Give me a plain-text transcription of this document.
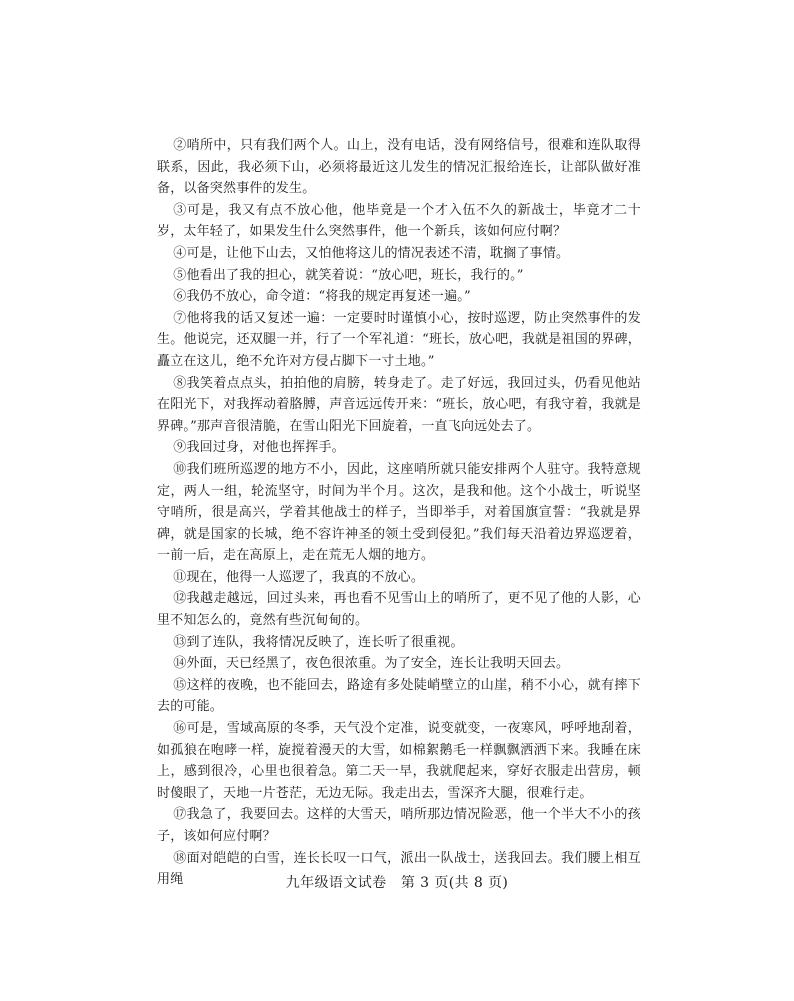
②哨所中，只有我们两个人。山上，没有电话，没有网络信号，很难和连队取得联系，因此，我必须下山，必须将最近这儿发生的情况汇报给连长，让部队做好准备，以备突然事件的发生。

③可是，我又有点不放心他，他毕竟是一个才入伍不久的新战士，毕竟才二十岁，太年轻了，如果发生什么突然事件，他一个新兵，该如何应付啊？

④可是，让他下山去，又怕他将这儿的情况表述不清，耽搁了事情。

⑤他看出了我的担心，就笑着说：“放心吧，班长，我行的。”

⑥我仍不放心，命令道：“将我的规定再复述一遍。”

⑦他将我的话又复述一遍：一定要时时谨慎小心，按时巡逻，防止突然事件的发生。他说完，还双腿一并，行了一个军礼道：“班长，放心吧，我就是祖国的界碑，矗立在这儿，绝不允许对方侵占脚下一寸土地。”

⑧我笑着点点头，拍拍他的肩膀，转身走了。走了好远，我回过头，仍看见他站在阳光下，对我挥动着胳膊，声音远远传开来：“班长，放心吧，有我守着，我就是界碑。”那声音很清脆，在雪山阳光下回旋着，一直飞向远处去了。

⑨我回过身，对他也挥挥手。

⑩我们班所巡逻的地方不小，因此，这座哨所就只能安排两个人驻守。我特意规定，两人一组，轮流坚守，时间为半个月。这次，是我和他。这个小战士，听说坚守哨所，很是高兴，学着其他战士的样子，当即举手，对着国旗宣誓：“我就是界碑，就是国家的长城，绝不容许神圣的领土受到侵犯。”我们每天沿着边界巡逻着，一前一后，走在高原上，走在荒无人烟的地方。

⑪现在，他得一人巡逻了，我真的不放心。

⑫我越走越远，回过头来，再也看不见雪山上的哨所了，更不见了他的人影，心里不知怎么的，竟然有些沉甸甸的。

⑬到了连队，我将情况反映了，连长听了很重视。

⑭外面，天已经黑了，夜色很浓重。为了安全，连长让我明天回去。

⑮这样的夜晚，也不能回去，路途有多处陡峭壁立的山崖，稍不小心，就有摔下去的可能。

⑯可是，雪域高原的冬季，天气没个定准，说变就变，一夜寒风，呼呼地刮着，如孤狼在咆哮一样，旋搅着漫天的大雪，如棉絮鹅毛一样飘飘洒洒下来。我睡在床上，感到很冷，心里也很着急。第二天一早，我就爬起来，穿好衣服走出营房，顿时傻眼了，天地一片苍茫，无边无际。我走出去，雪深齐大腿，很难行走。

⑰我急了，我要回去。这样的大雪天，哨所那边情况险恶，他一个半大不小的孩子，该如何应付啊？

⑱面对皑皑的白雪，连长长叹一口气，派出一队战士，送我回去。我们腰上相互用绳	九年级语文试卷　第 3 页(共 8 页)
